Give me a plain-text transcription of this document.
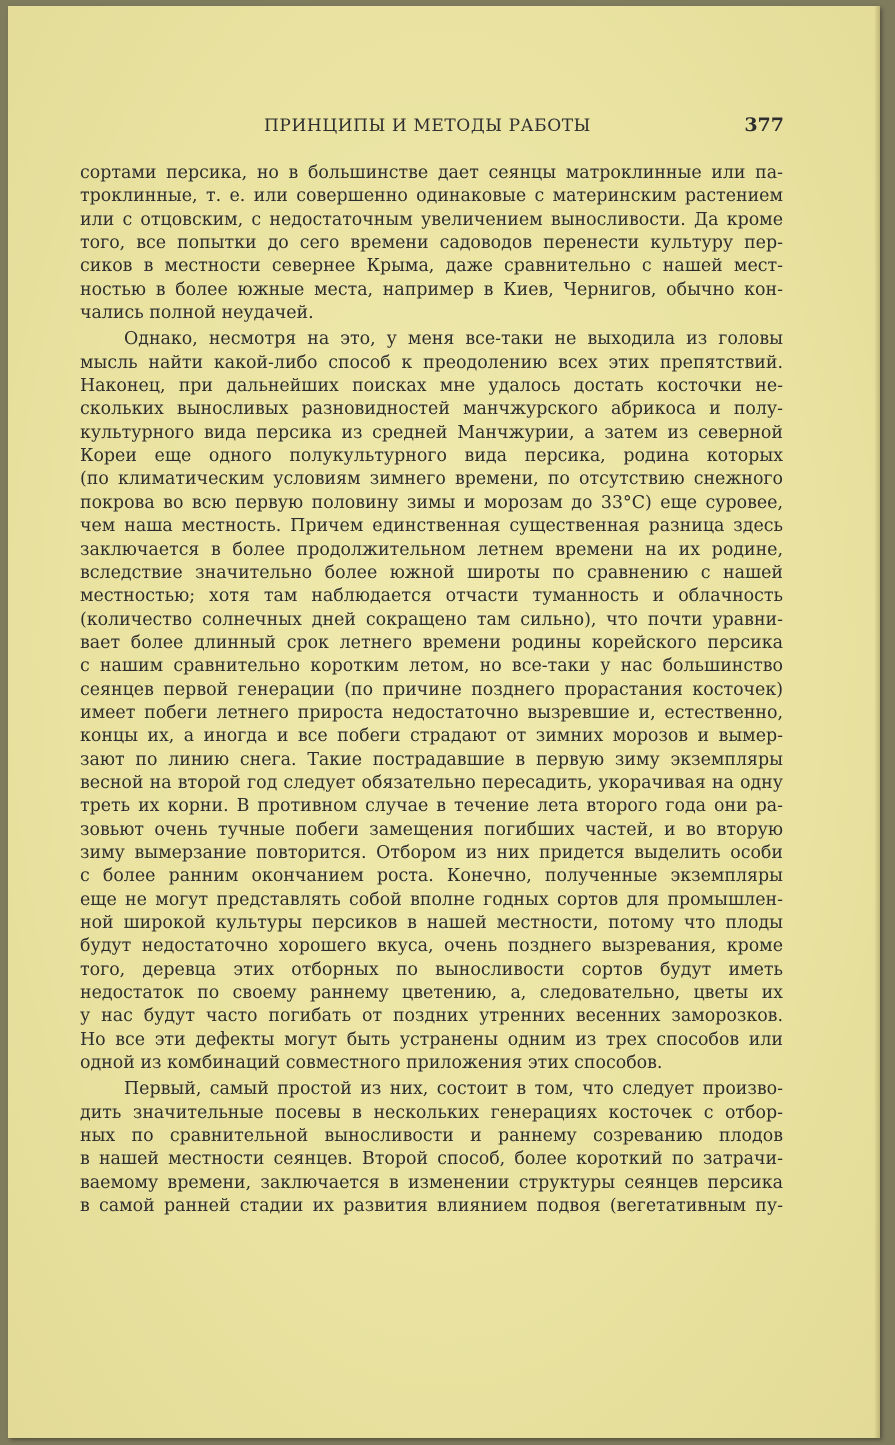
ПРИНЦИПЫ И МЕТОДЫ РАБОТЫ	377
сортами персика, но в большинстве дает сеянцы матроклинные или па-
троклинные, т. е. или совершенно одинаковые с материнским растением
или с отцовским, с недостаточным увеличением выносливости. Да кроме
того, все попытки до сего времени садоводов перенести культуру пер-
сиков в местности севернее Крыма, даже сравнительно с нашей мест-
ностью в более южные места, например в Киев, Чернигов, обычно кон-
чались полной неудачей.
Однако, несмотря на это, у меня все-таки не выходила из головы
мысль найти какой-либо способ к преодолению всех этих препятствий.
Наконец, при дальнейших поисках мне удалось достать косточки не-
скольких выносливых разновидностей манчжурского абрикоса и полу-
культурного вида персика из средней Манчжурии, а затем из северной
Кореи еще одного полукультурного вида персика, родина которых
(по климатическим условиям зимнего времени, по отсутствию снежного
покрова во всю первую половину зимы и морозам до 33°С) еще суровее,
чем наша местность. Причем единственная существенная разница здесь
заключается в более продолжительном летнем времени на их родине,
вследствие значительно более южной широты по сравнению с нашей
местностью; хотя там наблюдается отчасти туманность и облачность
(количество солнечных дней сокращено там сильно), что почти уравни-
вает более длинный срок летнего времени родины корейского персика
с нашим сравнительно коротким летом, но все-таки у нас большинство
сеянцев первой генерации (по причине позднего прорастания косточек)
имеет побеги летнего прироста недостаточно вызревшие и, естественно,
концы их, а иногда и все побеги страдают от зимних морозов и вымер-
зают по линию снега. Такие пострадавшие в первую зиму экземпляры
весной на второй год следует обязательно пересадить, укорачивая на одну
треть их корни. В противном случае в течение лета второго года они ра-
зовьют очень тучные побеги замещения погибших частей, и во вторую
зиму вымерзание повторится. Отбором из них придется выделить особи
с более ранним окончанием роста. Конечно, полученные экземпляры
еще не могут представлять собой вполне годных сортов для промышлен-
ной широкой культуры персиков в нашей местности, потому что плоды
будут недостаточно хорошего вкуса, очень позднего вызревания, кроме
того, деревца этих отборных по выносливости сортов будут иметь
недостаток по своему раннему цветению, а, следовательно, цветы их
у нас будут часто погибать от поздних утренних весенних заморозков.
Но все эти дефекты могут быть устранены одним из трех способов или
одной из комбинаций совместного приложения этих способов.
Первый, самый простой из них, состоит в том, что следует произво-
дить значительные посевы в нескольких генерациях косточек с отбор-
ных по сравнительной выносливости и раннему созреванию плодов
в нашей местности сеянцев. Второй способ, более короткий по затрачи-
ваемому времени, заключается в изменении структуры сеянцев персика
в самой ранней стадии их развития влиянием подвоя (вегетативным пу-
